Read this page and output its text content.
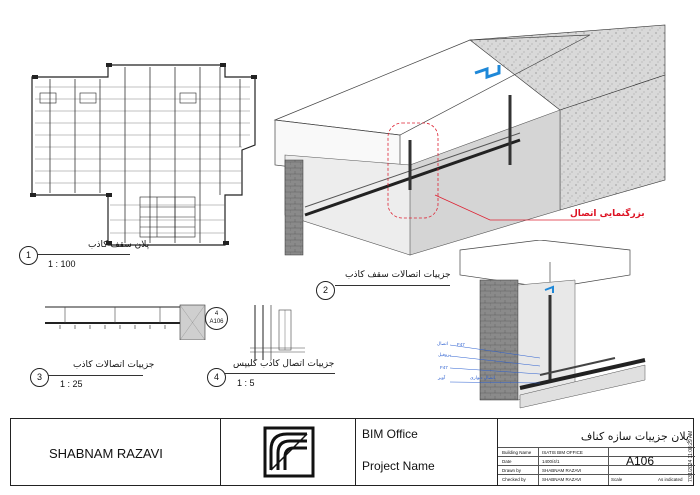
1
پلان سقف کاذب
1 : 100
بزرگنمایی اتصال
F47
اتصال
پروفیل
F47
آویز	اتصال دیواری
2
جزییات اتصالات سقف کاذب
4
A106
3
جزییات اتصالات کاذب
1 : 25
4
جزییات اتصال کاذب کلیپس
1 : 5
SHABNAM RAZAVI
BIM Office
Project Name
پلان جزییات سازه کناف
Building Name ISATIS BIM OFFICE
Date	1400/4/1
Drawn by	SHABNAM RAZAVI
Checked by	SHABNAM RAZAVI
A106
Scale	As indicated 7/31/2024 11:08:29 AM
